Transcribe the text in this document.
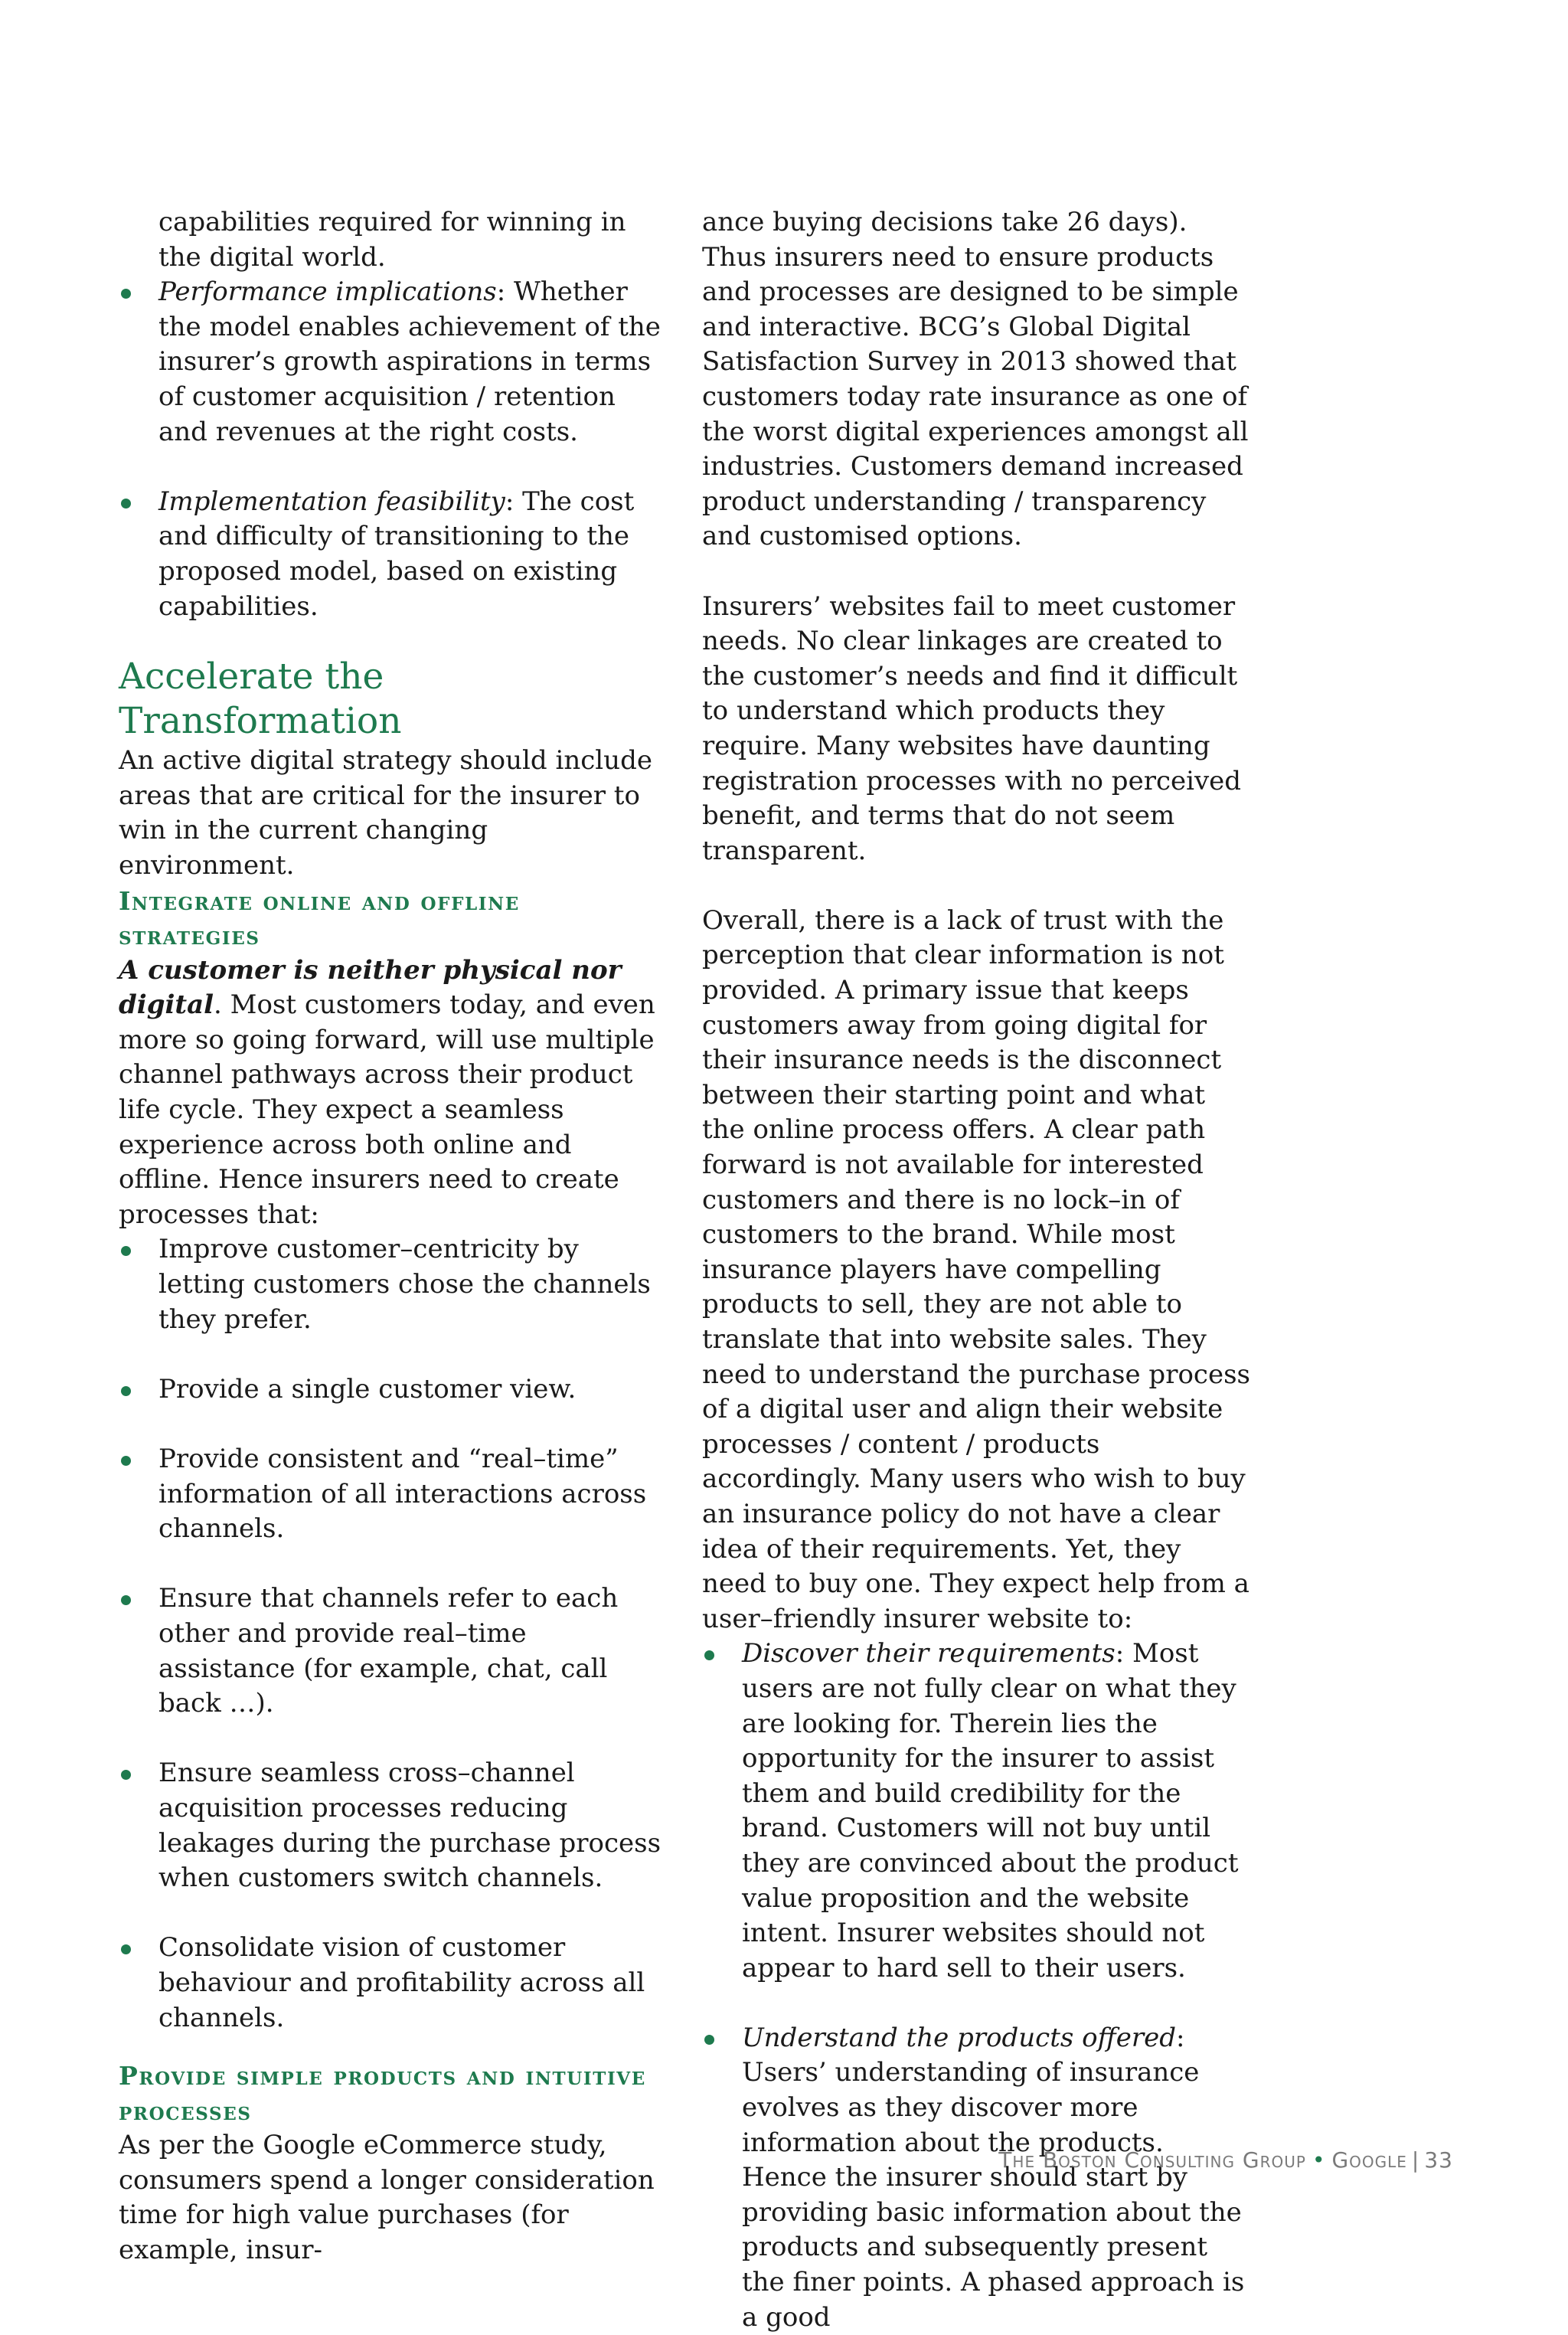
capabilities required for winning in the digital world.

Performance implications: Whether the model enables achievement of the insurer’s growth aspirations in terms of customer acquisition / retention and revenues at the right costs.
Implementation feasibility: The cost and difficulty of transitioning to the proposed model, based on existing capabilities.
Accelerate the Transformation

An active digital strategy should include areas that are critical for the insurer to win in the current changing environment.

Integrate online and offline strategies

A customer is neither physical nor digital. Most customers today, and even more so going forward, will use multiple channel pathways across their product life cycle. They expect a seamless experience across both online and offline. Hence insurers need to create processes that:

Improve customer–centricity by letting customers chose the channels they prefer.
Provide a single customer view.
Provide consistent and “real–time” information of all interactions across channels.
Ensure that channels refer to each other and provide real–time assistance (for example, chat, call back …).
Ensure seamless cross–channel acquisition processes reducing leakages during the purchase process when customers switch channels.
Consolidate vision of customer behaviour and profitability across all channels.
Provide simple products and intuitive processes

As per the Google eCommerce study, consumers spend a longer consideration time for high value purchases (for example, insur-

ance buying decisions take 26 days). Thus insurers need to ensure products and processes are designed to be simple and interactive. BCG’s Global Digital Satisfaction Survey in 2013 showed that customers today rate insurance as one of the worst digital experiences amongst all industries. Customers demand increased product understanding / transparency and customised options.

Insurers’ websites fail to meet customer needs. No clear linkages are created to the customer’s needs and find it difficult to understand which products they require. Many websites have daunting registration processes with no perceived benefit, and terms that do not seem transparent.

Overall, there is a lack of trust with the perception that clear information is not provided. A primary issue that keeps customers away from going digital for their insurance needs is the disconnect between their starting point and what the online process offers. A clear path forward is not available for interested customers and there is no lock–in of customers to the brand. While most insurance players have compelling products to sell, they are not able to translate that into website sales. They need to understand the purchase process of a digital user and align their website processes / content / products accordingly. Many users who wish to buy an insurance policy do not have a clear idea of their requirements. Yet, they need to buy one. They expect help from a user–friendly insurer website to:

Discover their requirements: Most users are not fully clear on what they are looking for. Therein lies the opportunity for the insurer to assist them and build credibility for the brand. Customers will not buy until they are convinced about the product value proposition and the website intent. Insurer websites should not appear to hard sell to their users.
Understand the products offered: Users’ understanding of insurance evolves as they discover more information about the products. Hence the insurer should start by providing basic information about the products and subsequently present the finer points. A phased approach is a good
The Boston Consulting Group • Google | 33
